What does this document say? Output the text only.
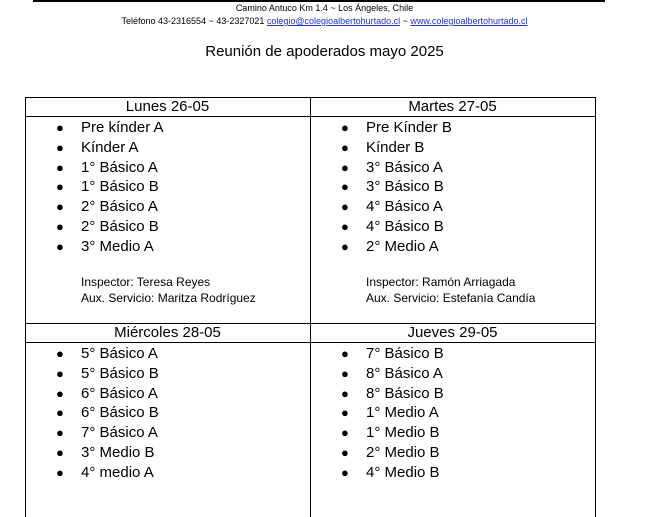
Camino Antuco Km 1.4 ~ Los Ángeles, Chile
Teléfono 43-2316554 ~ 43-2327021 colegio@colegioalbertohurtado.cl ~ www.colegioalbertohurtado.cl
Reunión de apoderados mayo 2025
Lunes 26-05
● Pre kínder A
● Kínder A
● 1° Básico A
● 1° Básico B
● 2° Básico A
● 2° Básico B
● 3° Medio A
Inspector: Teresa Reyes
Aux. Servicio: Maritza Rodríguez
Martes 27-05
● Pre Kínder B
● Kínder B
● 3° Básico A
● 3° Básico B
● 4° Básico A
● 4° Básico B
● 2° Medio A
Inspector: Ramón Arriagada
Aux. Servicio: Estefanía Candía
Miércoles 28-05
● 5° Básico A
● 5° Básico B
● 6° Básico A
● 6° Básico B
● 7° Básico A
● 3° Medio B
● 4° medio A
Jueves 29-05
● 7° Básico B
● 8° Básico A
● 8° Básico B
● 1° Medio A
● 1° Medio B
● 2° Medio B
● 4° Medio B
